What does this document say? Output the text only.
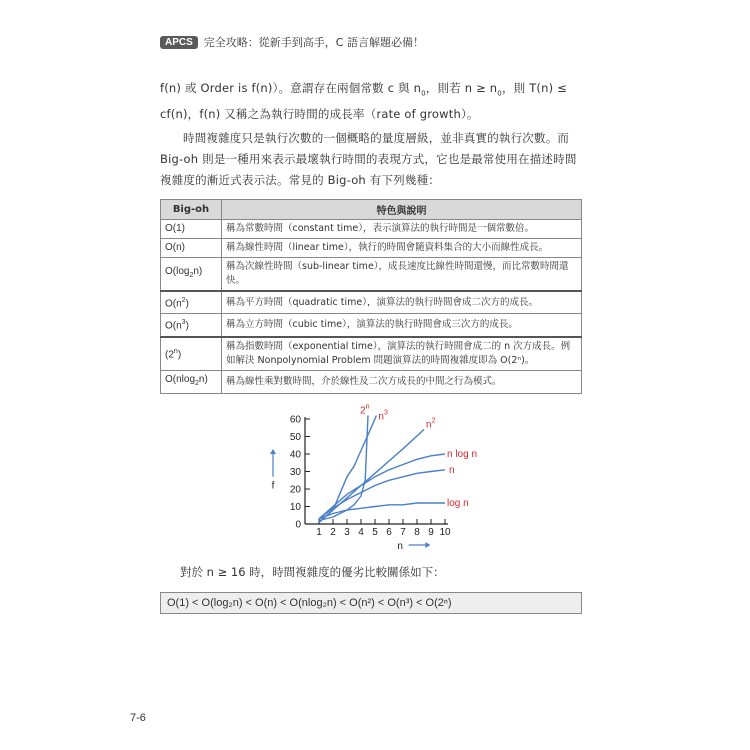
APCS	完全攻略：從新手到高手，C 語言解題必備！
f(n) 或 Order is f(n)）。意謂存在兩個常數 c 與 $n_0$，則若 $n \ge n_0$，則 T(n) ≤ cf(n)，f(n) 又稱之為執行時間的成長率（rate of growth）。
時間複雜度只是執行次數的一個概略的量度層級，並非真實的執行次數。而 Big-oh 則是一種用來表示最壞執行時間的表現方式，它也是最常使用在描述時間複雜度的漸近式表示法。常見的 Big-oh 有下列幾種：
Big-oh	特色與說明
O(1)	稱為常數時間（constant time），表示演算法的執行時間是一個常數倍。
O(n)	稱為線性時間（linear time），執行的時間會隨資料集合的大小而線性成長。
$O(\log_2n)$	稱為次線性時間（sub-linear time），成長速度比線性時間還慢，而比常數時間還快。
$O(n^2)$	稱為平方時間（quadratic time），演算法的執行時間會成二次方的成長。
$O(n^3)$	稱為立方時間（cubic time），演算法的執行時間會成三次方的成長。
(2$^n$)	稱為指數時間（exponential time），演算法的執行時間會成二的 n 次方成長。例如解決 Nonpolynomial Problem 問題演算法的時間複雜度即為 O(2ⁿ)。
O(nlog$_2$n)	稱為線性乘對數時間，介於線性及二次方成長的中間之行為模式。
0
10
20
30
40
50
60
1 2 3 4 5 6 7 8 9 10
n
f
2$^n$
$n^3$
$n^2$
n log n
n
log n
對於 n ≥ 16 時，時間複雜度的優劣比較關係如下：
O(1) < O(log₂n) < O(n) < O(nlog₂n) < O(n²) < O(n³) < O(2ⁿ)
7-6
